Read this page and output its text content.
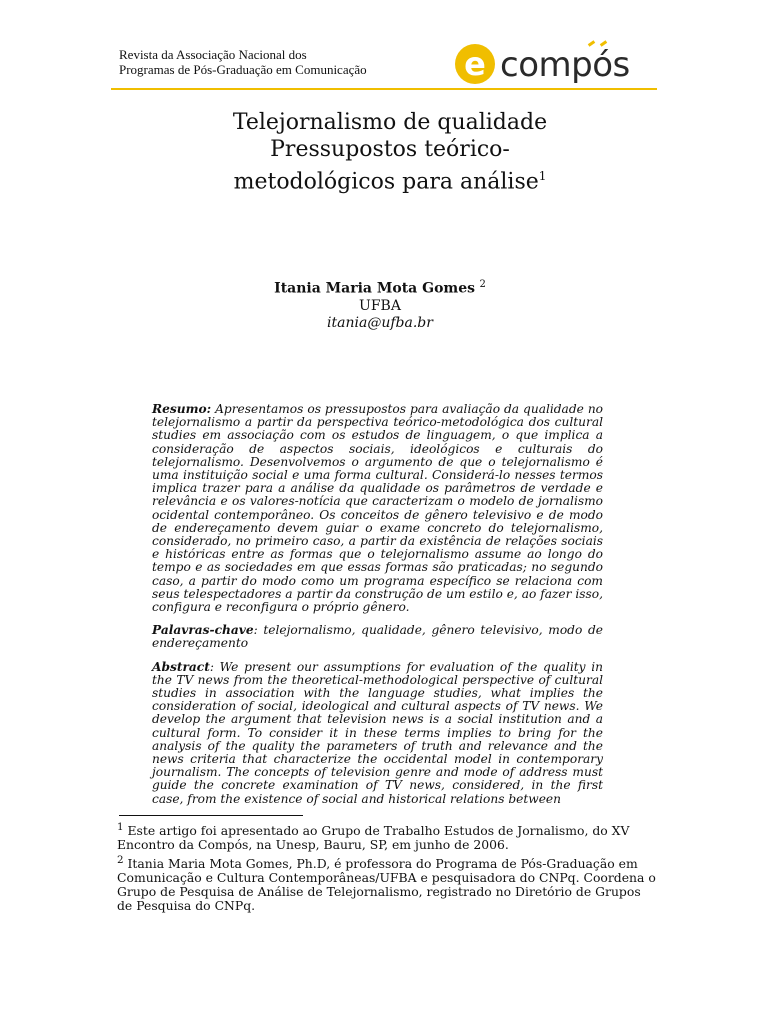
Revista da Associação Nacional dos
Programas de Pós-Graduação em Comunicação	e compós
Telejornalismo de qualidade
Pressupostos teórico-
metodológicos para análise$^1$
Itania Maria Mota Gomes $^2$
UFBA
itania@ufba.br

Resumo: Apresentamos os pressupostos para avaliação da qualidade no telejornalismo a partir da perspectiva teórico-metodológica dos cultural studies em associação com os estudos de linguagem, o que implica a consideração de aspectos sociais, ideológicos e culturais do telejornalismo. Desenvolvemos o argumento de que o telejornalismo é uma instituição social e uma forma cultural. Considerá-lo nesses termos implica trazer para a análise da qualidade os parâmetros de verdade e relevância e os valores-notícia que caracterizam o modelo de jornalismo ocidental contemporâneo. Os conceitos de gênero televisivo e de modo de endereçamento devem guiar o exame concreto do telejornalismo, considerado, no primeiro caso, a partir da existência de relações sociais e históricas entre as formas que o telejornalismo assume ao longo do tempo e as sociedades em que essas formas são praticadas; no segundo caso, a partir do modo como um programa específico se relaciona com seus telespectadores a partir da construção de um estilo e, ao fazer isso, configura e reconfigura o próprio gênero.

Palavras-chave: telejornalismo, qualidade, gênero televisivo, modo de endereçamento

Abstract: We present our assumptions for evaluation of the quality in the TV news from the theoretical-methodological perspective of cultural studies in association with the language studies, what implies the consideration of social, ideological and cultural aspects of TV news. We develop the argument that television news is a social institution and a cultural form. To consider it in these terms implies to bring for the analysis of the quality the parameters of truth and relevance and the news criteria that characterize the occidental model in contemporary journalism. The concepts of television genre and mode of address must guide the concrete examination of TV news, considered, in the first case, from the existence of social and historical relations between

$^1$ Este artigo foi apresentado ao Grupo de Trabalho Estudos de Jornalismo, do XV Encontro da Compós, na Unesp, Bauru, SP, em junho de 2006.
$^2$ Itania Maria Mota Gomes, Ph.D, é professora do Programa de Pós-Graduação em Comunicação e Cultura Contemporâneas/UFBA e pesquisadora do CNPq. Coordena o Grupo de Pesquisa de Análise de Telejornalismo, registrado no Diretório de Grupos de Pesquisa do CNPq.
